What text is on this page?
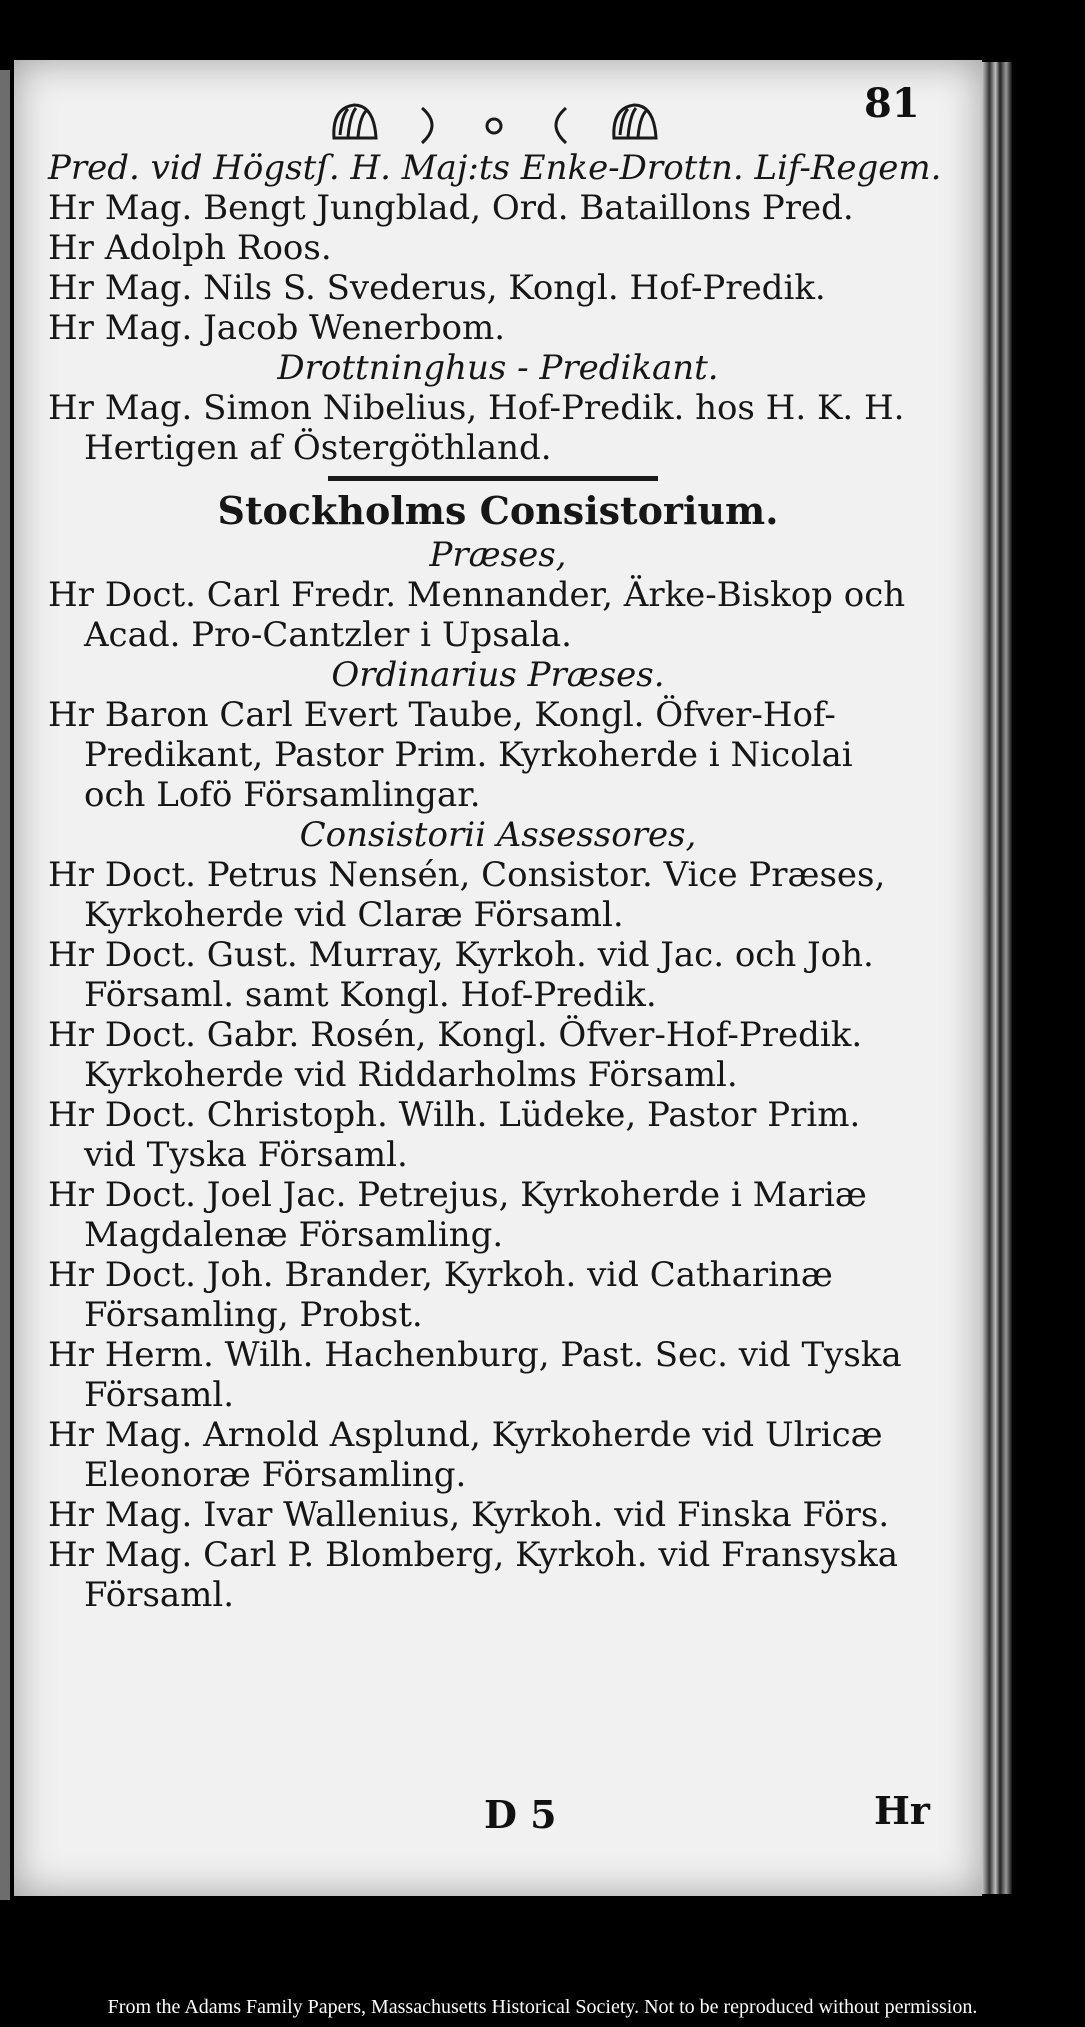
81
Pred. vid Högstſ. H. Maj:ts Enke-Drottn. Lif-Regem.
Hr Mag. Bengt Jungblad, Ord. Bataillons Pred.
Hr Adolph Roos.
Hr Mag. Nils S. Svederus, Kongl. Hof-Predik.
Hr Mag. Jacob Wenerbom.
Drottninghus - Predikant.
Hr Mag. Simon Nibelius, Hof-Predik. hos H. K. H.
Hertigen af Östergöthland.
Stockholms Consistorium.
Præses,
Hr Doct. Carl Fredr. Mennander, Ärke-Biskop och
Acad. Pro-Cantzler i Upsala.
Ordinarius Præses.
Hr Baron Carl Evert Taube, Kongl. Öfver-Hof-
Predikant, Pastor Prim. Kyrkoherde i Nicolai
och Lofö Församlingar.
Consistorii Assessores,
Hr Doct. Petrus Nensén, Consistor. Vice Præses,
Kyrkoherde vid Claræ Församl.
Hr Doct. Gust. Murray, Kyrkoh. vid Jac. och Joh.
Församl. samt Kongl. Hof-Predik.
Hr Doct. Gabr. Rosén, Kongl. Öfver-Hof-Predik.
Kyrkoherde vid Riddarholms Församl.
Hr Doct. Christoph. Wilh. Lüdeke, Pastor Prim.
vid Tyska Församl.
Hr Doct. Joel Jac. Petrejus, Kyrkoherde i Mariæ
Magdalenæ Församling.
Hr Doct. Joh. Brander, Kyrkoh. vid Catharinæ
Församling, Probst.
Hr Herm. Wilh. Hachenburg, Past. Sec. vid Tyska
Församl.
Hr Mag. Arnold Asplund, Kyrkoherde vid Ulricæ
Eleonoræ Församling.
Hr Mag. Ivar Wallenius, Kyrkoh. vid Finska Förs.
Hr Mag. Carl P. Blomberg, Kyrkoh. vid Fransyska
Församl.
D 5	Hr
From the Adams Family Papers, Massachusetts Historical Society. Not to be reproduced without permission.
